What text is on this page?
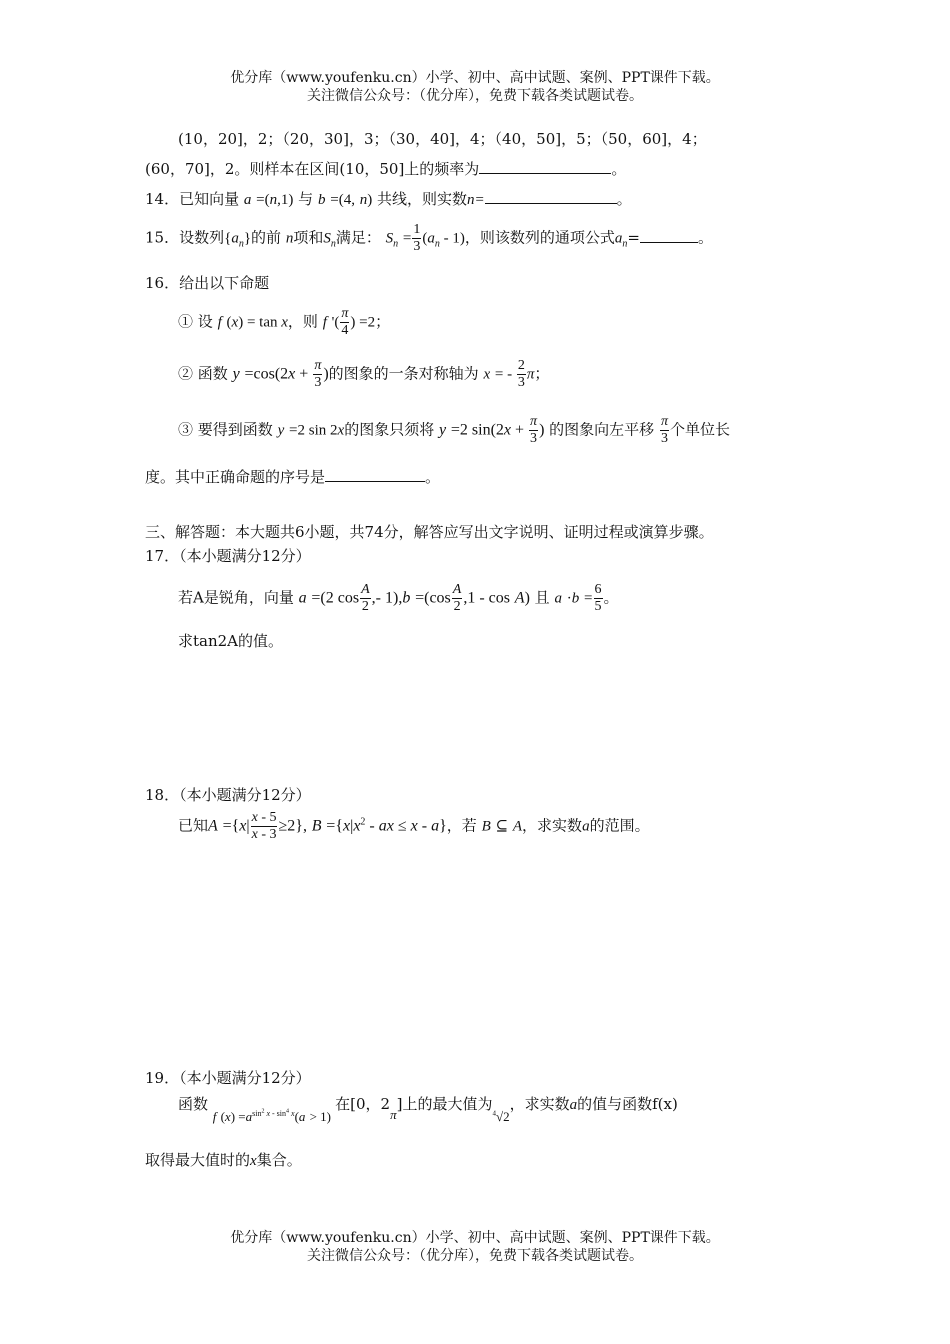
优分库（www.youfenku.cn）小学、初中、高中试题、案例、PPT课件下载。
关注微信公众号：（优分库），免费下载各类试题试卷。
(10，20]，2；（20，30]，3；（30，40]，4；（40，50]，5；（50，60]，4；
(60，70]，2。则样本在区间(10，50]上的频率为	。
14．已知向量 a =(n,1) 与 b =(4, n) 共线，则实数n=	。
15．设数列$\{a_n\}$的前 n项和$S_n$满足： $S_n = \frac{1}{3} (a_n - 1)$，则该数列的通项公式$a_n=$	。
16．给出以下命题
① 设 f (x) = tan x，则 f '( $\frac{\pi}{4}$ ) =2；
② 函数 $y =\cos(2x + \frac{\pi}{3}$ )的图象的一条对称轴为 x = - $\frac{2}{3}$ π；
③ 要得到函数 y =2 sin 2x的图象只须将 y =2 $\sin(2x + \frac{\pi}{3}$ ) 的图象向左平移 $\frac{\pi}{3}$ 个单位长
度。其中正确命题的序号是	。
三、解答题：本大题共6小题，共74分，解答应写出文字说明、证明过程或演算步骤。
17．（本小题满分12分）
若A是锐角，向量 a =(2 $\cos \frac{A}{2}$ ,- $1),b =(\cos \frac{A}{2} ,1 - \cos A)$ 且 $a \cdot b = \frac{6}{5}$ 。
求tan2A的值。
18．（本小题满分12分）
已知$A =\{x| \frac{x - 5}{x - 3} \ge 2\}$, $B =\{x|x^2$ - ax ≤ x - a}，若 B ⊆ A，求实数a的范围。
19．（本小题满分12分）
函数 f $(x) =a^{sin^2 x - sin^4 x}(a > 1)$ 在[0，2π]上的最大值为$^4$√2，求实数a的值与函数f(x)
取得最大值时的x集合。
优分库（www.youfenku.cn）小学、初中、高中试题、案例、PPT课件下载。
关注微信公众号：（优分库），免费下载各类试题试卷。
